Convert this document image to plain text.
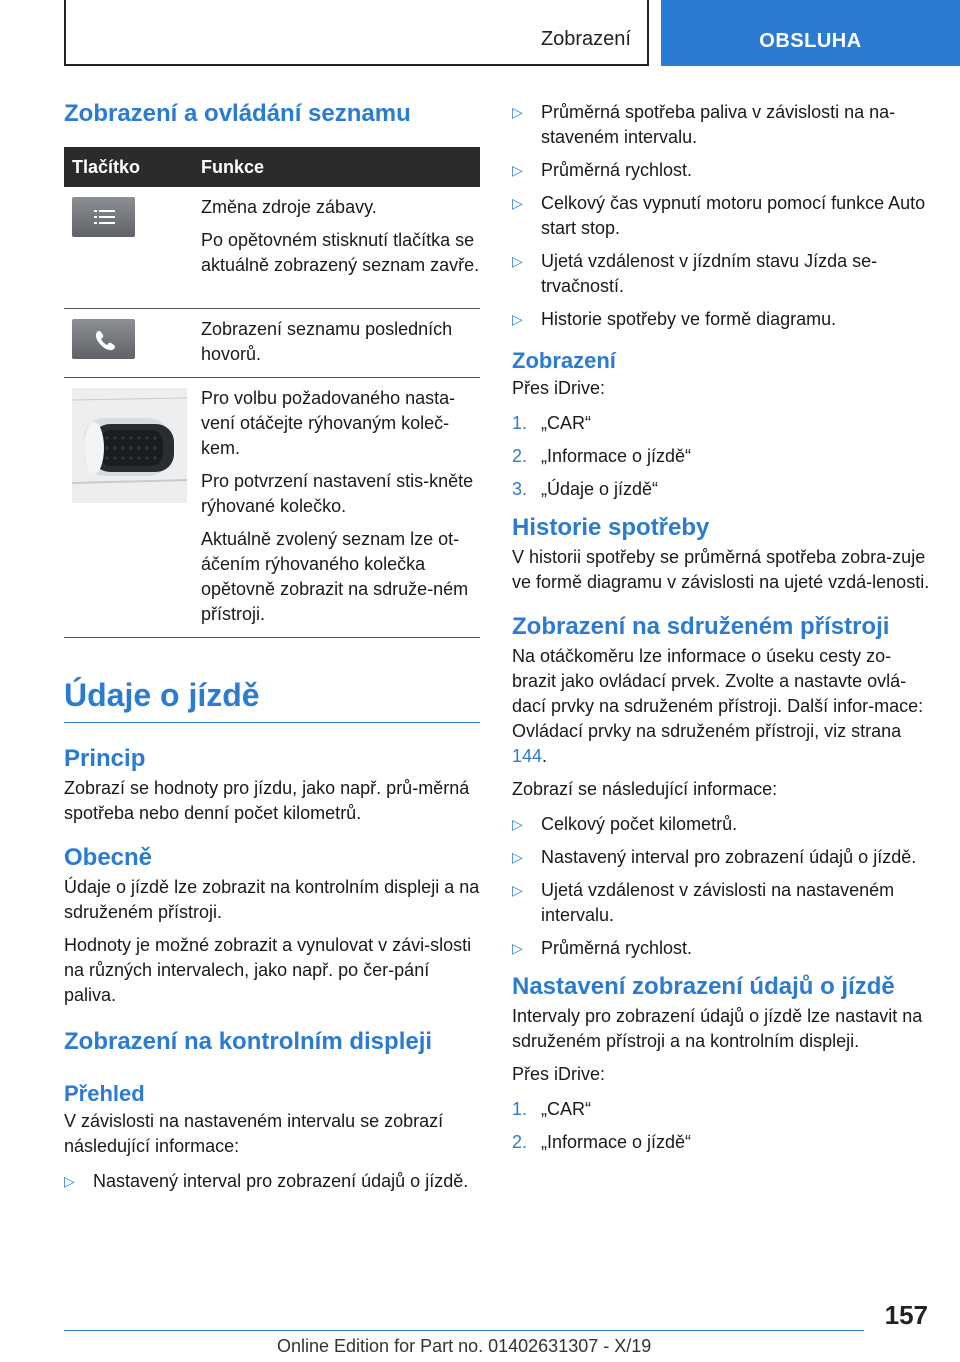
Zobrazení	OBSLUHA
Zobrazení a ovládání seznamu
Tlačítko	Funkce

Změna zdroje zábavy.

Po opětovném stisknutí tlačítka se aktuálně zobrazený seznam zavře.

Zobrazení seznamu posledních hovorů.

Pro volbu požadovaného nasta-vení otáčejte rýhovaným koleč-kem.

Pro potvrzení nastavení stis-kněte rýhované kolečko.

Aktuálně zvolený seznam lze ot-áčením rýhovaného kolečka opětovně zobrazit na sdruže-ném přístroji.

Údaje o jízdě
Princip

Zobrazí se hodnoty pro jízdu, jako např. prů-měrná spotřeba nebo denní počet kilometrů.

Obecně

Údaje o jízdě lze zobrazit na kontrolním displeji a na sdruženém přístroji.

Hodnoty je možné zobrazit a vynulovat v závi-slosti na různých intervalech, jako např. po čer-pání paliva.

Zobrazení na kontrolním displeji
Přehled

V závislosti na nastaveném intervalu se zobrazí následující informace:

▷ Nastavený interval pro zobrazení údajů o jízdě.
▷ Průměrná spotřeba paliva v závislosti na na-staveném intervalu.
▷ Průměrná rychlost.
▷ Celkový čas vypnutí motoru pomocí funkce Auto start stop.
▷ Ujetá vzdálenost v jízdním stavu Jízda se-trvačností.
▷ Historie spotřeby ve formě diagramu.
Zobrazení

Přes iDrive:

1. „CAR“
2. „Informace o jízdě“
3. „Údaje o jízdě“
Historie spotřeby

V historii spotřeby se průměrná spotřeba zobra-zuje ve formě diagramu v závislosti na ujeté vzdá-lenosti.

Zobrazení na sdruženém přístroji

Na otáčkoměru lze informace o úseku cesty zo-brazit jako ovládací prvek. Zvolte a nastavte ovlá-dací prvky na sdruženém přístroji. Další infor-mace: Ovládací prvky na sdruženém přístroji, viz strana 144.

Zobrazí se následující informace:

▷ Celkový počet kilometrů.
▷ Nastavený interval pro zobrazení údajů o jízdě.
▷ Ujetá vzdálenost v závislosti na nastaveném intervalu.
▷ Průměrná rychlost.
Nastavení zobrazení údajů o jízdě

Intervaly pro zobrazení údajů o jízdě lze nastavit na sdruženém přístroji a na kontrolním displeji.

Přes iDrive:

1. „CAR“
2. „Informace o jízdě“
157
Online Edition for Part no. 01402631307 - X/19
